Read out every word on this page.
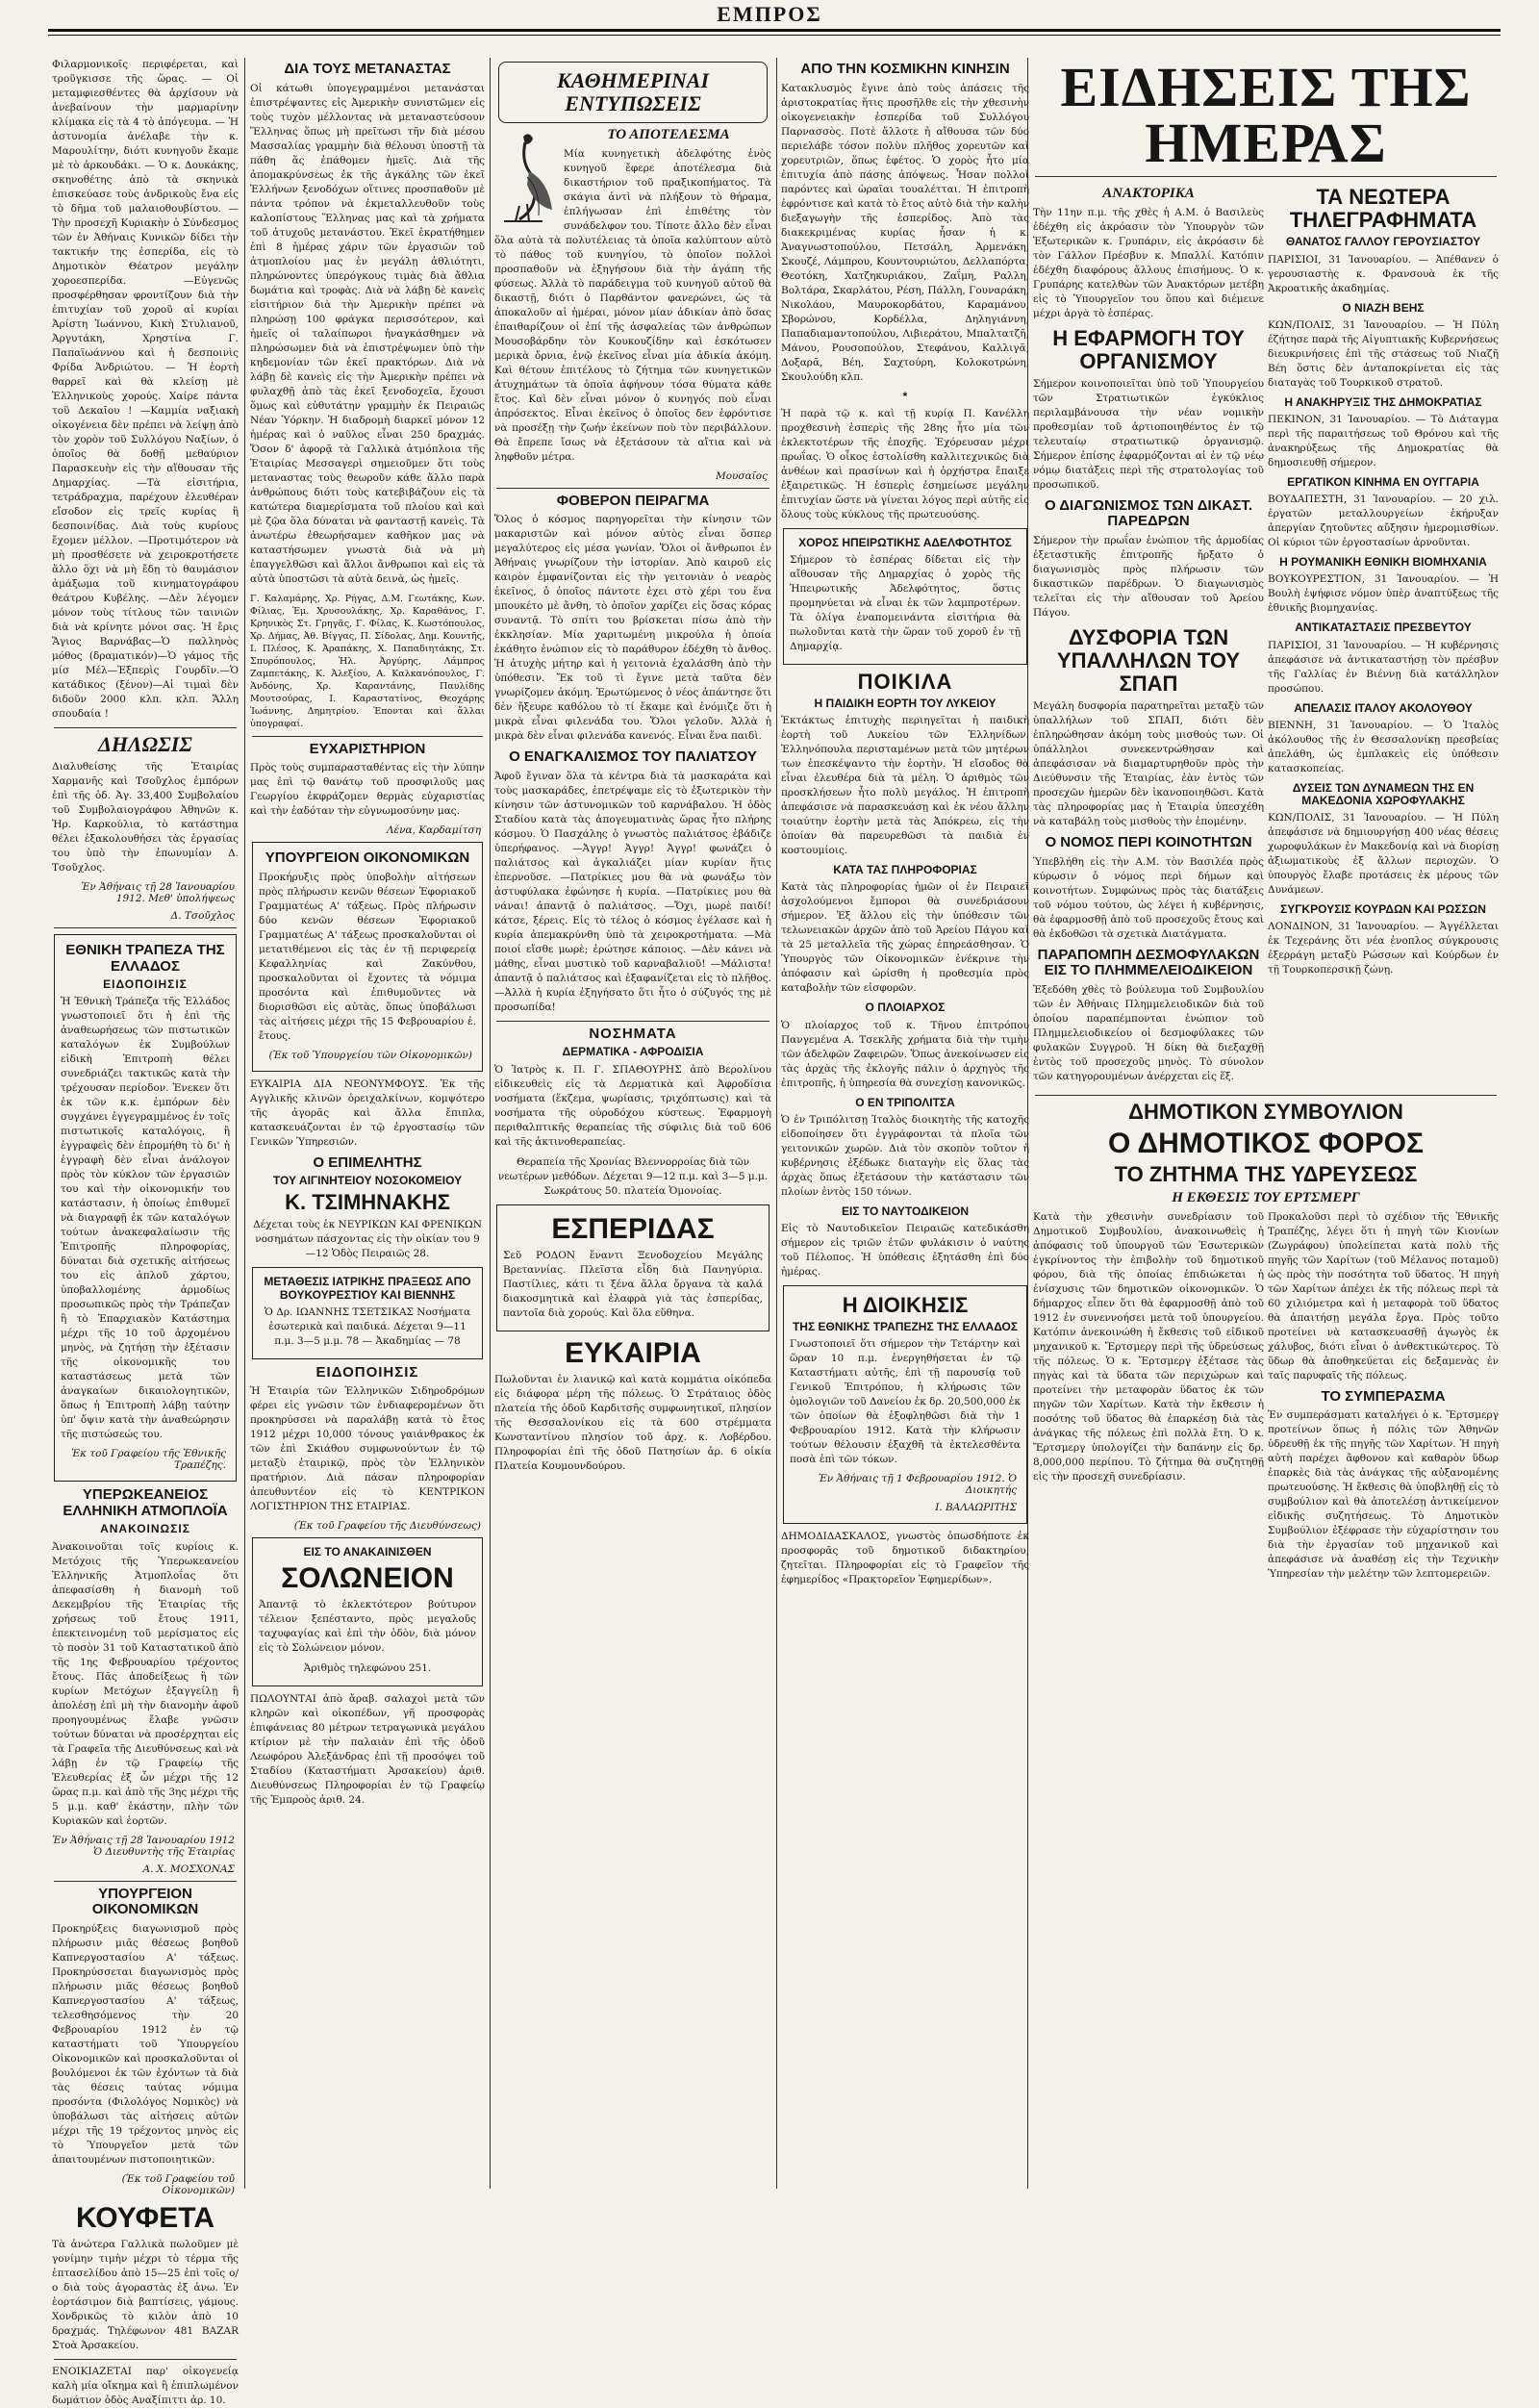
ΕΜΠΡΟΣ

Φιλαρμονικοῖς περιφέρεται, καὶ τροῦγκισσε τῆς ὥρας. — Οἱ μεταμφιεσθέντες θὰ ἀρχίσουν νὰ ἀνεβαίνουν τὴν μαρμαρίνην κλίμακα εἰς τὰ 4 τὸ ἀπόγευμα. — Ἡ ἀστυνομία ἀνέλαβε τὴν κ. Μαρουλίτην, διότι κυνηγοῦν ἔκαμε μὲ τὸ ἀρκουδάκι. — Ὁ κ. Δουκάκης, σκηνοθέτης ἀπὸ τὰ σκηνικὰ ἐπισκεύασε τοὺς ἀνδρικοὺς ἔνα εἰς τὸ δῆμα τοῦ μαλαιοθουβίστου. —Τὴν προσεχῆ Κυριακὴν ὁ Σύνδεσμος τῶν ἐν Ἀθήναις Κυνικῶν δίδει τὴν τακτικήν της ἐσπερίδα, εἰς τὸ Δημοτικὸν Θέατρον μεγάλην χοροεσπερίδα. —Εὐγενῶς προσφέρθησαν φροντίζουν διὰ τὴν ἐπιτυχίαν τοῦ χοροῦ αἱ κυρίαι Ἀρίστη Ἰωάννου, Κικὴ Στυλιανοῦ, Ἀργυτάκη, Χρηστίνα Γ. Παπαϊωάννου καὶ ἡ δεσποινὶς Φρίδα Ἀνδριώτου. — Ἡ ἑορτὴ θαρρεῖ καὶ θὰ κλείσῃ μὲ Ἑλληνικοὺς χορούς. Χαίρε πάντα τοῦ Δεκαῖου ! —Καμμία ναξιακὴ οἰκογένεια δὲν πρέπει νὰ λείψῃ ἀπὸ τὸν χορὸν τοῦ Συλλόγου Ναξίων, ὁ ὁποῖος θὰ δοθῇ μεθαύριον Παρασκευὴν εἰς τὴν αἴθουσαν τῆς Δημαρχίας. —Τὰ εἰσιτήρια, τετράδραχμα, παρέχουν ἐλευθέραν εἴσοδον εἰς τρεῖς κυρίας ἢ δεσποινίδας. Διὰ τοὺς κυρίους ἔχομεν μέλλον. —Προτιμότερον νὰ μὴ προσθέσετε νὰ χειροκροτήσετε ἄλλο ὅχι νὰ μὴ ἔδῃ τὸ θαυμάσιον ἀμάξωμα τοῦ κινηματογράφου θεάτρου Κυβέλης. —Δὲν λέγομεν μόνον τοὺς τίτλους τῶν ταινιῶν διὰ νὰ κρίνητε μόνοι σας. Ἡ ἔρις Ἅγιος Βαρνάβας—Ὁ παλληνὸς μόθος (δραματικόν)—Ὁ γάμος τῆς μίσ Μέλ—Ἐξπερὶς Γουρδῖν.—Ὁ κατάδικος (ξένον)—Αἱ τιμαὶ δὲν διδοῦν 2000 κλπ. κλπ. Ἄλλη σπουδαία !

ΔΗΛΩΣΙΣ

Διαλυθείσης τῆς Ἑταιρίας Χαρμανῆς καὶ Τσοῦχλος ἐμπόρων ἐπὶ τῆς ὁδ. Ἀγ. 33,400 Συμβολαίου τοῦ Συμβολαιογράφου Ἀθηνῶν κ. Ἠρ. Καρκούλια, τὸ κατάστημα θέλει ἐξακολουθήσει τὰς ἐργασίας του ὑπὸ τὴν ἐπωνυμίαν Δ. Τσοῦχλος.

Ἐν Ἀθήναις τῇ 28 Ἰανουαρίου 1912. Μεθ' ὑπολήψεως
Δ. Τσοῦχλος
ΕΘΝΙΚΗ ΤΡΑΠΕΖΑ ΤΗΣ ΕΛΛΑΔΟΣ
ΕΙΔΟΠΟΙΗΣΙΣ

Ἡ Ἐθνικὴ Τράπεζα τῆς Ἑλλάδος γνωστοποιεῖ ὅτι ἡ ἐπὶ τῆς ἀναθεωρήσεως τῶν πιστωτικῶν καταλόγων ἐκ Συμβούλων εἰδικὴ Ἐπιτροπὴ θέλει συνεδριάζει τακτικῶς κατὰ τὴν τρέχουσαν περίοδον. Ἐνεκεν ὅτι ἐκ τῶν κ.κ. ἐμπόρων δὲν συγχάνει ἐγγεγραμμένος ἐν τοῖς πιστωτικοῖς καταλόγοις, ἢ ἐγγραφεὶς δὲν ἐπρομήθη τὸ δι' ἡ ἐγγραφὴ δὲν εἶναι ἀνάλογον πρὸς τὸν κύκλον τῶν ἐργασιῶν του καὶ τὴν οἰκονομικήν του κατάστασιν, ἡ ὁποίως ἐπιθυμεῖ νὰ διαγραφῇ ἐκ τῶν καταλόγων τούτων ἀνακεφαλαίωσιν τῆς Ἐπιτροπῆς πληροφορίας, δύναται διὰ σχετικῆς αἰτήσεως του εἰς ἁπλοῦ χάρτου, ὑποβαλλομένης ἀρμοδίως προσωπικῶς πρὸς τὴν Τράπεζαν ἢ τὸ Ἐπαρχιακὸν Κατάστημα μέχρι τῆς 10 τοῦ ἀρχομένου μηνὸς, νὰ ζητήσῃ τὴν ἐξέτασιν τῆς οἰκονομικῆς του καταστάσεως μετὰ τῶν ἀναγκαίων δικαιολογητικῶν, ὅπως ἡ Ἐπιτροπὴ λάβῃ ταύτην ὑπ' ὄψιν κατὰ τὴν ἀναθεώρησιν τῆς πιστώσεώς του.

Ἐκ τοῦ Γραφείου τῆς Ἐθνικῆς Τραπέζης.
ΥΠΕΡΩΚΕΑΝΕΙΟΣ ΕΛΛΗΝΙΚΗ ΑΤΜΟΠΛΟΪΑ
ΑΝΑΚΟΙΝΩΣΙΣ

Ἀνακοινοῦται τοῖς κυρίοις κ. Μετόχοις τῆς Ὑπερωκεανείου Ἑλληνικῆς Ἀτμοπλοΐας ὅτι ἀπεφασίσθη ἡ διανομὴ τοῦ Δεκεμβρίου τῆς Ἑταιρίας τῆς χρήσεως τοῦ ἔτους 1911, ἐπεκτεινομένη τοῦ μερίσματος εἰς τὸ ποσὸν 31 τοῦ Καταστατικοῦ ἀπὸ τῆς 1ης Φεβρουαρίου τρέχοντος ἔτους. Πᾶς ἀποδείξεως ἢ τῶν κυρίων Μετόχων ἐξαγγείλῃ ἢ ἀπολέσῃ ἐπὶ μὴ τὴν διανομὴν ἀφοῦ προηγουμένως ἔλαβε γνῶσιν τούτων δύναται νὰ προσέρχηται εἰς τὰ Γραφεῖα τῆς Διευθύνσεως καὶ νὰ λάβῃ ἐν τῷ Γραφείῳ τῆς Ἐλευθερίας ἐξ ὧν μέχρι τῆς 12 ὥρας π.μ. καὶ ἀπὸ τῆς 3ης μέχρι τῆς 5 μ.μ. καθ' ἑκάστην, πλὴν τῶν Κυριακῶν καὶ ἑορτῶν.

Ἐν Ἀθήναις τῇ 28 Ἰανουαρίου 1912 Ὁ Διευθυντὴς τῆς Ἑταιρίας
Α. Χ. ΜΟΣΧΟΝΑΣ
ΥΠΟΥΡΓΕΙΟΝ ΟΙΚΟΝΟΜΙΚΩΝ

Προκηρύξεις διαγωνισμοῦ πρὸς πλήρωσιν μιᾶς θέσεως βοηθοῦ Καπνεργοστασίου Α' τάξεως. Προκηρύσσεται διαγωνισμὸς πρὸς πλήρωσιν μιᾶς θέσεως βοηθοῦ Καπνεργοστασίου Α' τάξεως, τελεσθησόμενος τὴν 20 Φεβρουαρίου 1912 ἐν τῷ καταστήματι τοῦ Ὑπουργείου Οἰκονομικῶν καὶ προσκαλοῦνται οἱ βουλόμενοι ἐκ τῶν ἐχόντων τὰ διὰ τὰς θέσεις ταύτας νόμιμα προσόντα (Φιλολόγος Νομικὸς) νὰ ὑποβάλωσι τὰς αἰτήσεις αὐτῶν μέχρι τῆς 19 τρέχοντος μηνὸς εἰς τὸ Ὑπουργεῖον μετὰ τῶν ἀπαιτουμένων πιστοποιητικῶν.

(Ἐκ τοῦ Γραφείου τοῦ Οἰκονομικῶν)
ΚΟΥΦΕΤΑ

Τὰ ἀνώτερα Γαλλικὰ πωλοῦμεν μὲ γονίμην τιμὴν μέχρι τὸ τέρμα τῆς ἑπτασελίδου ἀπὸ 15—25 ἐπὶ τοῖς ο/ο διὰ τοὺς ἀγοραστὰς ἐξ ἀνω. Ἐν ἑορτάσιμον διὰ βαπτίσεις, γάμους. Χονδρικῶς τὸ κιλὸν ἀπὸ 10 δραχμάς. Τηλέφωνον 481 BAZAR Στοὰ Ἀρσακείου.

ΕΝΟΙΚΙΑΖΕΤΑΙ παρ' οἰκογενείᾳ καλὴ μία οἴκημα καὶ ἢ ἐπιπλωμένον δωμάτιον ὁδὸς Αναξίπιττι ἀρ. 10.

ΔΙΑ ΤΟΥΣ ΜΕΤΑΝΑΣΤΑΣ

Οἱ κάτωθι ὑπογεγραμμένοι μετανάσται ἐπιστρέψαντες εἰς Ἀμερικὴν συνιστῶμεν εἰς τοὺς τυχὸν μέλλοντας νὰ μεταναστεύσουν Ἕλληνας ὅπως μὴ πρεῖτωσι τῆν διὰ μέσου Μασσαλίας γραμμὴν διὰ θέλουσι ὑποστῇ τὰ πάθη ἅς ἐπάθομεν ἡμεῖς. Διὰ τῆς ἀπομακρύνσεως ἐκ τῆς ἀγκάλης τῶν ἐκεῖ Ἑλλήνων ξενοδόχων οἵτινες προσπαθοῦν μὲ πάντα τρόπον νὰ ἐκμεταλλευθοῦν τοὺς καλοπίστους Ἕλληνας μας καὶ τὰ χρήματα τοῦ ἀτυχοῦς μετανάστου. Ἐκεῖ ἐκρατήθημεν ἐπὶ 8 ἡμέρας χάριν τῶν ἐργασιῶν τοῦ ἀτμοπλοίου μας ἐν μεγάλῃ ἀθλιότητι, πληρώνοντες ὑπερόγκους τιμὰς διὰ ἄθλια δωμάτια καὶ τροφὰς. Διὰ νὰ λάβῃ δὲ κανεὶς εἰσιτήριον διὰ τὴν Ἀμερικὴν πρέπει νὰ πληρώσῃ 100 φράγκα περισσότερον, καὶ ἡμεῖς οἱ ταλαίπωροι ἠναγκάσθημεν νὰ πληρώσωμεν διὰ νὰ ἐπιστρέψωμεν ὑπὸ τὴν κηδεμονίαν τῶν ἐκεῖ πρακτόρων. Διὰ νὰ λάβῃ δὲ κανεὶς εἰς τὴν Ἀμερικὴν πρέπει νὰ φυλαχθῇ ἀπὸ τὰς ἐκεῖ ξενοδοχεῖα, ἔχουσι ὅμως καὶ εὐθυτάτην γραμμὴν ἐκ Πειραιῶς Νέαν Ὑόρκην. Ἡ διαδρομὴ διαρκεῖ μόνον 12 ἡμέρας καὶ ὁ ναῦλος εἶναι 250 δραχμάς. Ὅσον δ' ἀφορᾷ τὰ Γαλλικὰ ἀτμόπλοια τῆς Ἑταιρίας Μεσσαγερὶ σημειοῦμεν ὅτι τοὺς μεταναστας τοὺς θεωροῦν κάθε ἄλλο παρὰ ἀνθρώπους διότι τοὺς κατεβιβάζουν εἰς τὰ κατώτερα διαμερίσματα τοῦ πλοίου καὶ καὶ μὲ ζῷα ὅλα δύναται νὰ φανταστῇ κανεὶς. Τὰ ἀνωτέρω ἐθεωρήσαμεν καθῆκον μας νὰ καταστήσωμεν γνωστὰ διὰ νὰ μὴ ἐπαγγελθῶσι καὶ ἄλλοι ἄνθρωποι καὶ εἰς τὰ αὐτὰ ὑποστῶσι τὰ αὐτὰ δεινὰ, ὡς ἡμεῖς.

Γ. Καλαμάρης, Χρ. Ρήγας, Δ.Μ. Γεωτάκης, Κων. Φίλιας, Ἐμ. Χρυσουλάκης, Χρ. Καραθάνος, Γ. Κρηνικὸς Στ. Γρηγᾶς, Γ. Φίλας, Κ. Κωστόπουλος, Χρ. Δήμας, Ἀθ. Βίγγας, Π. Σίδολας, Δημ. Κουντῆς, Ι. Πλέσος, Κ. Ἀραπάκης, Χ. Παπαδιητάκης, Στ. Σπυρόπουλος, Ἠλ. Ἀργύρης, Λάμπρος Ζαμπετάκης, Κ. Ἀλεξίου, Α. Καλκανόπουλος, Γ. Ἀνδόνης, Χρ. Καραντάνης, Παυλίδης Μουτσούρας, Ι. Καραστατίνος, Θεοχάρης Ἰωάννης, Δημητρίου. Ἐπονται καὶ ἄλλαι ὑπογραφαί.

ΕΥΧΑΡΙΣΤΗΡΙΟΝ

Πρὸς τοὺς συμπαρασταθέντας εἰς τὴν λύπην μας ἐπὶ τῷ θανάτῳ τοῦ προσφιλοῦς μας Γεωργίου ἐκφράζομεν θερμὰς εὐχαριστίας καὶ τὴν ἐαδόταν τὴν εὐγνωμοσύνην μας.

Λένα, Καρδαμίτση
ΥΠΟΥΡΓΕΙΟΝ ΟΙΚΟΝΟΜΙΚΩΝ

Προκήρυξις πρὸς ὑποβολὴν αἰτήσεων πρὸς πλήρωσιν κενῶν θέσεων Ἐφοριακοῦ Γραμματέως Α' τάξεως. Πρὸς πλήρωσιν δύο κενῶν θέσεων Ἐφοριακοῦ Γραμματέως Α' τάξεως προσκαλοῦνται οἱ μετατιθέμενοι εἰς τὰς ἐν τῇ περιφερείᾳ Κεφαλληνίας καὶ Ζακύνθου, προσκαλοῦνται οἱ ἔχοντες τὰ νόμιμα προσόντα καὶ ἐπιθυμοῦντες νὰ διορισθῶσι εἰς αὐτὰς, ὅπως ὑποβάλωσι τὰς αἰτήσεις μέχρι τῆς 15 Φεβρουαρίου ἐ. ἔτους.

(Ἐκ τοῦ Ὑπουργείου τῶν Οἰκονομικῶν)

ΕΥΚΑΙΡΙΑ ΔΙΑ ΝΕΟΝΥΜΦΟΥΣ. Ἐκ τῆς Αγγλικῆς κλινῶν ὁρειχαλκίνων, κομψότερο τῆς ἀγορᾶς καὶ ἄλλα ἔπιπλα, κατασκευάζονται ἐν τῷ ἐργοστασίῳ τῶν Γενικῶν Ὑπηρεσιῶν.

Ο ΕΠΙΜΕΛΗΤΗΣ
ΤΟΥ ΑΙΓΙΝΗΤΕΙΟΥ ΝΟΣΟΚΟΜΕΙΟΥ
Κ. ΤΣΙΜΗΝΑΚΗΣ

Δέχεται τοὺς ἐκ ΝΕΥΡΙΚΩΝ ΚΑΙ ΦΡΕΝΙΚΩΝ νοσημάτων πάσχοντας εἰς τὴν οἰκίαν του 9—12 Ὁδὸς Πειραιῶς 28.

ΜΕΤΑΘΕΣΙΣ ΙΑΤΡΙΚΗΣ ΠΡΑΞΕΩΣ ΑΠΟ ΒΟΥΚΟΥΡΕΣΤΙΟΥ ΚΑΙ ΒΙΕΝΝΗΣ

Ὁ Δρ. ΙΩΑΝΝΗΣ ΤΣΕΤΣΙΚΑΣ Νοσήματα ἐσωτερικὰ καὶ παιδικά. Δέχεται 9—11 π.μ. 3—5 μ.μ. 78 — Ἀκαδημίας — 78

ΕΙΔΟΠΟΙΗΣΙΣ

Ἡ Ἑταιρία τῶν Ἑλληνικῶν Σιδηροδρόμων φέρει εἰς γνῶσιν τῶν ἐνδιαφερομένων ὅτι προκηρύσσει νὰ παραλάβῃ κατὰ τὸ ἔτος 1912 μέχρι 10,000 τόνους γαιάνθρακος ἐκ τῶν ἐπὶ Σκιάθου συμφωνούντων ἐν τῷ μεταξὺ ἐταιρικῷ, πρὸς τὸν Ἑλληνικὸν πρατήριον. Διὰ πάσαν πληροφορίαν ἀπευθυντέον εἰς τὸ ΚΕΝΤΡΙΚΟΝ ΛΟΓΙΣΤΗΡΙΟΝ ΤΗΣ ΕΤΑΙΡΙΑΣ.

(Ἐκ τοῦ Γραφείου τῆς Διευθύνσεως)
ΕΙΣ ΤΟ ΑΝΑΚΑΙΝΙΣΘΕΝ
ΣΟΛΩΝΕΙΟΝ

Ἀπαντᾷ τὸ ἐκλεκτότερον βούτυρον τέλειον ξεπέσταντο, πρὸς μεγαλοῦς ταχυφαγίας καὶ ἐπὶ τὴν ὁδὸν, διὰ μόνον εἰς τὸ Σολώνειον μόνον.

Ἀριθμὸς τηλεφώνου 251.

ΠΩΛΟΥΝΤΑΙ ἀπὸ ἄραβ. σαλαχοὶ μετὰ τῶν κληρῶν καὶ οἰκοπέδων, γῆ προσφορὰς ἐπιφάνειας 80 μέτρων τετραγωνικὰ μεγάλου κτίριον μὲ τὴν παλαιὰν ἐπὶ τῆς ὁδοῦ Λεωφόρου Ἀλεξάνδρας ἐπὶ τῇ προσόψει τοῦ Σταδίου (Καταστήματι Ἀρσακείου) ἀριθ. Διευθύνσεως Πληροφορίαι ἐν τῷ Γραφείῳ τῆς Ἐμπροὸς ἀριθ. 24.

ΚΑΘΗΜΕΡΙΝΑΙ ΕΝΤΥΠΩΣΕΙΣ
ΤΟ ΑΠΟΤΕΛΕΣΜΑ

Μία κυνηγετικὴ ἀδελφότης ἑνὸς κυνηγοῦ ἔφερε ἀποτέλεσμα διὰ δικαστήριον τοῦ πραξικοπήματος. Τὰ σκάγια ἀντὶ νὰ πλήξουν τὸ θήραμα, ἐπλήγωσαν ἐπὶ ἐπιθέτης τὸν συνάδελφον του. Τίποτε ἄλλο δὲν εἶναι ὅλα αὐτὰ τὰ πολυτέλειας τὰ ὁποῖα καλύπτουν αὐτὸ τὸ πάθος τοῦ κυνηγίου, τὸ ὁποῖον πολλοὶ προσπαθοῦν νὰ ἐξηγήσουν διὰ τὴν ἀγάπη τῆς φύσεως. Ἀλλὰ τὸ παράδειγμα τοῦ κυνηγοῦ αὐτοῦ θὰ δικαστῇ, διότι ὁ Παρθάντον φανερώνει, ὡς τὰ ἀποκαλοῦν αἱ ἡμέραι, μόνον μίαν ἀδικίαν ἀπὸ ὅσας ἐπαιθαρίζουν οἱ ἐπί τῆς ἀσφαλείας τῶν ἀνθρώπων Μουσοβάρδην τὸν Κουκουζίδην καὶ ἐσκότωσεν μερικὰ ὄρνια, ἐνῷ ἐκεῖνος εἶναι μία ἀδικία ἀκόμη. Καὶ θέτουν ἐπιτέλους τὸ ζήτημα τῶν κυνηγετικῶν ἀτυχημάτων τὰ ὁποῖα ἀφήνουν τόσα θύματα κάθε ἔτος. Καὶ δὲν εἶναι μόνον ὁ κυνηγός ποὺ εἶναι ἀπρόσεκτος. Εἶναι ἐκεῖνος ὁ ὁποῖος δεν ἐφρόντισε νὰ προσέξῃ τὴν ζωήν ἐκείνων ποὺ τὸν περιβάλλουν. Θὰ ἔπρεπε ἴσως νὰ ἐξετάσουν τὰ αἴτια καὶ νὰ ληφθοῦν μέτρα.

Μουσαῖος
ΦΟΒΕΡΟΝ ΠΕΙΡΑΓΜΑ

Ὅλος ὁ κόσμος παρηγορεῖται τὴν κίνησιν τῶν μακαριστῶν καὶ μόνον αὐτὸς εἶναι ὅσπερ μεγαλύτερος εἰς μέσα γωνίαν. Ὅλοι οἱ ἄνθρωποι ἐν Ἀθήναις γνωρίζουν τὴν ἱστορίαν. Ἀπὸ καιροῦ εἰς καιρὸν ἐμφανίζονται εἰς τὴν γειτονιὰν ὁ νεαρὸς ἐκεῖνος, ὁ ὁποῖος πάντοτε ἐχει στὸ χέρι του ἕνα μπουκέτο μὲ ἄνθη, τὸ ὁποῖον χαρίζει εἰς ὅσας κόρας συναντᾷ. Τὸ σπίτι του βρίσκεται πίσω ἀπὸ τὴν ἐκκλησίαν. Μία χαριτωμένη μικρούλα ἡ ὁποία ἐκάθητο ἐνώπιον εἰς τὸ παράθυρον ἐδέχθη τὸ ἄνθος. Ἡ ἀτυχὴς μήτηρ καὶ ἡ γειτονιὰ ἐχαλάσθη ἀπὸ τὴν ὑπόθεσιν. Ἔκ τοῦ τὶ ἔγινε μετὰ ταῦτα δὲν γνωρίζομεν ἀκόμη. Ἐρωτώμενος ὁ νέος ἀπάντησε ὅτι δὲν ἤξευρε καθόλου τὸ τί ἔκαμε καὶ ἐνόμιζε ὅτι ἡ μικρὰ εἶναι φιλενάδα του. Ὅλοι γελοῦν. Ἀλλὰ ἡ μικρὰ δὲν εἶναι φιλενάδα κανενός. Εἶναι ἕνα παιδὶ.

Ο ΕΝΑΓΚΑΛΙΣΜΟΣ ΤΟΥ ΠΑΛΙΑΤΣΟΥ

Ἀφοῦ ἔγιναν ὅλα τὰ κέντρα διὰ τὰ μασκαράτα καὶ τοὺς μασκαράδες, ἐπετρέψαμε εἰς τὸ ἐξωτερικὸν τὴν κίνησιν τῶν ἀστυνομικῶν τοῦ καρνάβαλου. Ἡ ὁδὸς Σταδίου κατὰ τὰς ἀπογευματινὰς ὥρας ἦτο πλήρης κόσμου. Ὁ Πασχάλης ὁ γνωστὸς παλιάτσος ἐβάδιζε ὑπερήφανος. —Ἀγγρ! Ἀγγρ! Ἀγγρ! φωνάζει ὁ παλιάτσος καὶ ἀγκαλιάζει μίαν κυρίαν ἥτις ἐπερνοῦσε. —Πατρίκιες μου θὰ νὰ φωνάξω τὸν ἀστυφύλακα ἐφώνησε ἡ κυρία. —Πατρίκιες μου θὰ νάναι! ἀπαντᾷ ὁ παλιάτσος. —Ὄχι, μωρὲ παιδί! κάτσε, ξέρεις. Εἰς τὸ τέλος ὁ κόσμος ἐγέλασε καὶ ἡ κυρία ἀπεμακρύνθη ὑπὸ τὰ χειροκροτήματα. —Μὰ ποιοί εἴσθε μωρὲ; ἐρώτησε κάποιος. —Δὲν κάνει νὰ μάθης, εἶναι μυστικὸ τοῦ καρναβαλιοῦ! —Μάλιστα! ἀπαντᾷ ὁ παλιάτσος καὶ ἐξαφανίζεται εἰς τὸ πλῆθος. —Ἀλλὰ ἡ κυρία ἐξηγήσατο ὅτι ἦτο ὁ σύζυγός της μὲ προσωπίδα!

ΝΟΣΗΜΑΤΑ
ΔΕΡΜΑΤΙΚΑ - ΑΦΡΟΔΙΣΙΑ

Ὁ Ἰατρὸς κ. Π. Γ. ΣΠΑΘΟΥΡΗΣ ἀπὸ Βερολίνου εἰδικευθεὶς εἰς τὰ Δερματικὰ καὶ Ἀφροδίσια νοσήματα (ἕκζεμα, ψωρίασις, τριχόπτωσις) καὶ τὰ νοσήματα τῆς οὐροδόχου κύστεως. Ἐφαρμογὴ περιθαλπτικῆς θεραπείας τῆς σύφιλις διὰ τοῦ 606 καὶ τῆς ἀκτινοθεραπείας.

Θεραπεία τῆς Χρονίας Βλεννορροίας διὰ τῶν νεωτέρων μεθόδων. Δέχεται 9—12 π.μ. καὶ 3—5 μ.μ. Σωκράτους 50. πλατεία Ὁμονοίας.

ΕΣΠΕΡΙΔΑΣ

Σεῦ ΡΟΔΟΝ ἔναντι Ξενοδοχείου Μεγάλης Βρεταννίας. Πλεῖστα εἶδη διὰ Πανηγύρια. Παστίλιες, κάτι τι ξένα ἄλλα ὄργανα τὰ καλά διακοσμητικὰ καὶ ἐλαφρὰ γιὰ τὰς ἐσπερίδας, παντοῖα διὰ χορούς. Καὶ ὅλα εὔθηνα.

ΕΥΚΑΙΡΙΑ

Πωλοῦνται ἐν λιανικῷ καὶ κατὰ κομμάτια οἰκόπεδα εἰς διάφορα μέρη τῆς πόλεως. Ὁ Στράταιος ὁδὸς πλατεία τῆς ὁδοῦ Καρδιτσῆς συμφωνητικοῖ, πλησίον τῆς Θεσσαλονίκου εἰς τὰ 600 στρέμματα Κωνσταντίνου πλησίον τοῦ ἀρχ. κ. Λοβέρδου. Πληροφορίαι ἐπὶ τῆς ὁδοῦ Πατησίων ἀρ. 6 οἰκία Πλατεία Κουμουνδούρου.

ΑΠΟ ΤΗΝ ΚΟΣΜΙΚΗΝ ΚΙΝΗΣΙΝ

Κατακλυσμὸς ἔγινε ἀπὸ τοὺς ἀπάσεις τῆς ἀριστοκρατίας ἥτις προσῆλθε εἰς τὴν χθεσινὴν οἰκογενειακὴν ἑσπερίδα τοῦ Συλλόγου Παρνασσὸς. Ποτὲ ἄλλοτε ἡ αἴθουσα τῶν δύο περιελάβε τόσον πολὺν πλῆθος χορευτῶν καὶ χορευτριῶν, ὅπως ἐφέτος. Ὁ χορὸς ἦτο μία ἐπιτυχία ἀπὸ πάσης ἀπόψεως. Ἦσαν πολλοὶ παρόντες καὶ ὡραῖαι τουαλέτται. Ἡ ἐπιτροπὴ ἐφρόντισε καὶ κατὰ τὸ ἔτος αὐτὸ διὰ τὴν καλὴν διεξαγωγὴν τῆς ἑσπερίδος. Ἀπὸ τὰς διακεκριμένας κυρίας ἦσαν ἡ κ. Ἀναγνωστοπούλου, Πετσάλη, Ἀρμενάκη, Σκουζέ, Λάμπρου, Κουντουριώτου, Δελλαπόρτα, Θεοτόκη, Χατζηκυριάκου, Ζαΐμη, Ραλλη, Βολτάρα, Σκαρλάτου, Ρέση, Πάλλη, Γουναράκη, Νικολάου, Μαυροκορδάτου, Καραμάνου, Σβορώνου, Κορδέλλα, Δηληγιάννη, Παπαδιαμαντοπούλου, Λιβιεράτου, Μπαλτατζῆ, Μάνου, Ρουσοπούλου, Στεφάνου, Καλλιγᾶ, Δοξαρᾶ, Βέη, Σαχτούρη, Κολοκοτρώνη, Σκουλούδη κλπ.

*

Ἡ παρὰ τῷ κ. καὶ τῇ κυρίᾳ Π. Κανέλλη προχθεσινὴ ἑσπερὶς τῆς 28ης ἦτο μία τῶν ἐκλεκτοτέρων τῆς ἐποχῆς. Ἐχόρευσαν μέχρι πρωΐας. Ὁ οἶκος ἐστολίσθη καλλιτεχνικῶς διὰ ἀνθέων καὶ πρασίνων καὶ ἡ ὀρχήστρα ἔπαιξε ἐξαιρετικῶς. Ἡ ἑσπερὶς ἐσημείωσε μεγάλην ἐπιτυχίαν ὥστε νὰ γίνεται λόγος περὶ αὐτῆς εἰς ὅλους τοὺς κύκλους τῆς πρωτευούσης.

ΧΟΡΟΣ ΗΠΕΙΡΩΤΙΚΗΣ ΑΔΕΛΦΟΤΗΤΟΣ

Σήμερον τὸ ἑσπέρας δίδεται εἰς τὴν αἴθουσαν τῆς Δημαρχίας ὁ χορὸς τῆς Ἠπειρωτικῆς Ἀδελφότητος, ὅστις προμηνύεται νὰ εἶναι ἐκ τῶν λαμπροτέρων. Τὰ ὀλίγα ἐναπομεινάντα εἰσιτήρια θὰ πωλοῦνται κατὰ τὴν ὥραν τοῦ χοροῦ ἐν τῇ Δημαρχίᾳ.

ΠΟΙΚΙΛΑ
Η ΠΑΙΔΙΚΗ ΕΟΡΤΗ ΤΟΥ ΛΥΚΕΙΟΥ

Ἐκτάκτως ἐπιτυχὴς περιηγεῖται ἡ παιδικὴ ἑορτὴ τοῦ Λυκείου τῶν Ἑλληνίδων. Ἑλληνόπουλα περισταμένων μετὰ τῶν μητέρων των ἐπεσκέψαντο τὴν ἑορτὴν. Ἡ εἴσοδος θὰ εἶναι ἐλευθέρα διὰ τὰ μέλη. Ὁ ἀριθμὸς τῶν προσκλήσεων ἦτο πολὺ μεγάλος. Ἡ ἐπιτροπὴ ἀπεφάσισε νὰ παρασκευάσῃ καὶ ἐκ νέου ἄλλην τοιαύτην ἑορτὴν μετὰ τὰς Ἀπόκρεω, εἰς τὴν ὁποίαν θὰ παρευρεθῶσι τὰ παιδιὰ ἐν κοστουμίοις.

ΚΑΤΑ ΤΑΣ ΠΛΗΡΟΦΟΡΙΑΣ

Κατὰ τὰς πληροφορίας ἡμῶν οἱ ἐν Πειραιεῖ ἀσχολούμενοι ἔμποροι θὰ συνεδριάσουν σήμερον. Ἐξ ἄλλου εἰς τὴν ὑπόθεσιν τῶν τελωνειακῶν ἀρχῶν ἀπὸ τοῦ Ἀρείου Πάγου καὶ τὰ 25 μεταλλεῖα τῆς χώρας ἐπηρεάσθησαν. Ὁ Ὑπουργὸς τῶν Οἰκονομικῶν ἐνέκρινε τὴν ἀπόφασιν καὶ ὠρίσθη ἡ προθεσμία πρὸς καταβολὴν τῶν εἰσφορῶν.

Ο ΠΛΟΙΑΡΧΟΣ

Ὁ πλοίαρχος τοῦ κ. Τῆνου ἐπιτρόπου Πανγεμένα Α. Τσεκλῆς χρήματα διὰ τὴν τιμὴν τῶν ἀδελφῶν Ζαφειρῶν. Ὅπως ἀνεκοίνωσεν εἰς τὰς ἀρχὰς τῆς ἐκλογῆς πάλιν ὁ ἀρχηγὸς τῆς ἐπιτροπῆς, ἡ ὑπηρεσία θὰ συνεχίσῃ κανονικῶς.

Ο ΕΝ ΤΡΙΠΟΛΙΤΣΑ

Ὁ ἐν Τριπόλιτσῃ Ἰταλὸς διοικητὴς τῆς κατοχῆς εἰδοποίησεν ὅτι ἐγγράφονται τὰ πλοῖα τῶν γειτονικῶν χωρῶν. Διὰ τὸν σκοπὸν τοῦτον ἡ κυβέρνησις ἐξέδωκε διαταγὴν εἰς ὅλας τὰς ἀρχὰς ὅπως ἐξετάσουν τὴν κατάστασιν τῶν πλοίων ἐντὸς 150 τόνων.

ΕΙΣ ΤΟ ΝΑΥΤΟΔΙΚΕΙΟΝ

Εἰς τὸ Ναυτοδικεῖον Πειραιῶς κατεδικάσθη σήμερον εἰς τριῶν ἐτῶν φυλάκισιν ὁ ναύτης τοῦ Πέλοπος. Ἡ ὑπόθεσις ἐξητάσθη ἐπὶ δύο ἡμέρας.

Η ΔΙΟΙΚΗΣΙΣ
ΤΗΣ ΕΘΝΙΚΗΣ ΤΡΑΠΕΖΗΣ ΤΗΣ ΕΛΛΑΔΟΣ

Γνωστοποιεῖ ὅτι σήμερον τὴν Τετάρτην καὶ ὥραν 10 π.μ. ἐνεργηθήσεται ἐν τῷ Καταστήματι αὐτῆς, ἐπὶ τῇ παρουσίᾳ τοῦ Γενικοῦ Ἐπιτρόπου, ἡ κλήρωσις τῶν ὁμολογιῶν τοῦ Δανείου ἐκ δρ. 20,500,000 ἐκ τῶν ὁποίων θὰ ἐξοφληθῶσι διὰ τὴν 1 Φεβρουαρίου 1912. Κατὰ τὴν κλήρωσιν τούτων θέλουσιν ἐξαχθῆ τὰ ἐκτελεσθέντα ποσὰ ἐπὶ τῶν τόκων.

Ἐν Ἀθήναις τῇ 1 Φεβρουαρίου 1912. Ὁ Διοικητής
Ι. ΒΑΛΑΩΡΙΤΗΣ

ΔΗΜΟΔΙΔΑΣΚΑΛΟΣ, γνωστὸς ὁπωσδήποτε ἐκ προσφορᾶς τοῦ δημοτικοῦ διδακτηρίου, ζητεῖται. Πληροφορίαι εἰς τὸ Γραφεῖον τῆς ἐφημερίδος «Πρακτορεῖον Ἐφημερίδων».

ΕΙΔΗΣΕΙΣ ΤΗΣ ΗΜΕΡΑΣ
ΑΝΑΚΤΟΡΙΚΑ

Τὴν 11ην π.μ. τῆς χθὲς ἡ Α.Μ. ὁ Βασιλεὺς ἐδέχθη εἰς ἀκρόασιν τὸν Ὑπουργὸν τῶν Ἐξωτερικῶν κ. Γρυπάριν, εἰς ἀκρόασιν δὲ τὸν Γάλλον Πρέσβυν κ. Μπαλλί. Κατόπιν ἐδέχθη διαφόρους ἄλλους ἐπισήμους. Ὁ κ. Γρυπάρης κατελθὼν τῶν Ἀνακτόρων μετέβη εἰς τὸ Ὑπουργεῖον του ὅπου καὶ διέμεινε μέχρι ἀργὰ τὸ ἑσπέρας.

Η ΕΦΑΡΜΟΓΗ ΤΟΥ ΟΡΓΑΝΙΣΜΟΥ

Σήμερον κοινοποιεῖται ὑπὸ τοῦ Ὑπουργείου τῶν Στρατιωτικῶν ἐγκύκλιος περιλαμβάνουσα τὴν νέαν νομικὴν προθεσμίαν τοῦ ἀρτιοποιηθέντος ἐν τῷ τελευταίῳ στρατιωτικῷ ὀργανισμῷ. Σήμερον ἐπίσης ἐφαρμόζονται αἱ ἐν τῷ νέῳ νόμῳ διατάξεις περὶ τῆς στρατολογίας τοῦ προσωπικοῦ.

Ο ΔΙΑΓΩΝΙΣΜΟΣ ΤΩΝ ΔΙΚΑΣΤ. ΠΑΡΕΔΡΩΝ

Σήμερον τὴν πρωΐαν ἐνώπιον τῆς ἀρμοδίας ἐξεταστικῆς ἐπιτροπῆς ἤρξατο ὁ διαγωνισμὸς πρὸς πλήρωσιν τῶν δικαστικῶν παρέδρων. Ὁ διαγωνισμὸς τελεῖται εἰς τὴν αἴθουσαν τοῦ Ἀρείου Πάγου.

ΔΥΣΦΟΡΙΑ ΤΩΝ ΥΠΑΛΛΗΛΩΝ ΤΟΥ ΣΠΑΠ

Μεγάλη δυσφορία παρατηρεῖται μεταξὺ τῶν ὑπαλλήλων τοῦ ΣΠΑΠ, διότι δὲν ἐπληρώθησαν ἀκόμη τοὺς μισθούς των. Οἱ ὑπάλληλοι συνεκεντρώθησαν καὶ ἀπεφάσισαν νὰ διαμαρτυρηθοῦν πρὸς τὴν Διεύθυνσιν τῆς Ἑταιρίας, ἐὰν ἐντὸς τῶν προσεχῶν ἡμερῶν δὲν ἱκανοποιηθῶσι. Κατὰ τὰς πληροφορίας μας ἡ Ἑταιρία ὑπεσχέθη νὰ καταβάλῃ τοὺς μισθοὺς τὴν ἑπομένην.

Ο ΝΟΜΟΣ ΠΕΡΙ ΚΟΙΝΟΤΗΤΩΝ

Ὑπεβλήθη εἰς τὴν Α.Μ. τὸν Βασιλέα πρὸς κύρωσιν ὁ νόμος περὶ δήμων καὶ κοινοτήτων. Συμφώνως πρὸς τὰς διατάξεις τοῦ νόμου τούτου, ὡς λέγει ἡ κυβέρνησις, θὰ ἐφαρμοσθῇ ἀπὸ τοῦ προσεχοῦς ἔτους καὶ θὰ ἐκδοθῶσι τὰ σχετικὰ Διατάγματα.

ΠΑΡΑΠΟΜΠΗ ΔΕΣΜΟΦΥΛΑΚΩΝ ΕΙΣ ΤΟ ΠΛΗΜΜΕΛΕΙΟΔΙΚΕΙΟΝ

Ἐξεδόθη χθὲς τὸ βούλευμα τοῦ Συμβουλίου τῶν ἐν Ἀθήναις Πλημμελειοδικῶν διὰ τοῦ ὁποίου παραπέμπονται ἐνώπιον τοῦ Πλημμελειοδικείου οἱ δεσμοφύλακες τῶν φυλακῶν Συγγροῦ. Ἡ δίκη θὰ διεξαχθῇ ἐντὸς τοῦ προσεχοῦς μηνὸς. Τὸ σύνολον τῶν κατηγορουμένων ἀνέρχεται εἰς ἕξ.

ΤΑ ΝΕΩΤΕΡΑ ΤΗΛΕΓΡΑΦΗΜΑΤΑ
ΘΑΝΑΤΟΣ ΓΑΛΛΟΥ ΓΕΡΟΥΣΙΑΣΤΟΥ

ΠΑΡΙΣΙΟΙ, 31 Ἰανουαρίου. — Ἀπέθανεν ὁ γερουσιαστὴς κ. Φρανσουὰ ἐκ τῆς Ἀκροατικῆς ἀκαδημίας.

Ο ΝΙΑΖΗ ΒΕΗΣ

ΚΩΝ/ΠΟΛΙΣ, 31 Ἰανουαρίου. — Ἡ Πύλη ἐζήτησε παρὰ τῆς Αἰγυπτιακῆς Κυβερνήσεως διευκρινήσεις ἐπὶ τῆς στάσεως τοῦ Νιαζῆ Βέη ὅστις δὲν ἀνταποκρίνεται εἰς τὰς διαταγὰς τοῦ Τουρκικοῦ στρατοῦ.

Η ΑΝΑΚΗΡΥΞΙΣ ΤΗΣ ΔΗΜΟΚΡΑΤΙΑΣ

ΠΕΚΙΝΟΝ, 31 Ἰανουαρίου. — Τὸ Διάταγμα περὶ τῆς παραιτήσεως τοῦ Θρόνου καὶ τῆς ἀνακηρύξεως τῆς Δημοκρατίας θὰ δημοσιευθῇ σήμερον.

ΕΡΓΑΤΙΚΟΝ ΚΙΝΗΜΑ ΕΝ ΟΥΓΓΑΡΙΑ

ΒΟΥΔΑΠΕΣΤΗ, 31 Ἰανουαρίου. — 20 χιλ. ἐργατῶν μεταλλουργείων ἐκήρυξαν ἀπεργίαν ζητοῦντες αὔξησιν ἡμερομισθίων. Οἱ κύριοι τῶν ἐργοστασίων ἀρνοῦνται.

Η ΡΟΥΜΑΝΙΚΗ ΕΘΝΙΚΗ ΒΙΟΜΗΧΑΝΙΑ

ΒΟΥΚΟΥΡΕΣΤΙΟΝ, 31 Ἰανουαρίου. — Ἡ Βουλὴ ἐψήφισε νόμον ὑπὲρ ἀναπτύξεως τῆς ἐθνικῆς βιομηχανίας.

ΑΝΤΙΚΑΤΑΣΤΑΣΙΣ ΠΡΕΣΒΕΥΤΟΥ

ΠΑΡΙΣΙΟΙ, 31 Ἰανουαρίου. — Ἡ κυβέρνησις ἀπεφάσισε νὰ ἀντικαταστήσῃ τὸν πρέσβυν τῆς Γαλλίας ἐν Βιέννῃ διὰ κατάλληλον προσώπου.

ΑΠΕΛΑΣΙΣ ΙΤΑΛΟΥ ΑΚΟΛΟΥΘΟΥ

ΒΙΕΝΝΗ, 31 Ἰανουαρίου. — Ὁ Ἰταλὸς ἀκόλουθος τῆς ἐν Θεσσαλονίκῃ πρεσβείας ἀπελάθη, ὡς ἐμπλακεὶς εἰς ὑπόθεσιν κατασκοπείας.

ΔΥΣΕΙΣ ΤΩΝ ΔΥΝΑΜΕΩΝ ΤΗΣ ΕΝ ΜΑΚΕΔΟΝΙΑ ΧΩΡΟΦΥΛΑΚΗΣ

ΚΩΝ/ΠΟΛΙΣ, 31 Ἰανουαρίου. — Ἡ Πύλη ἀπεφάσισε νὰ δημιουργήσῃ 400 νέας θέσεις χωροφυλάκων ἐν Μακεδονίᾳ καὶ νὰ διορίσῃ ἀξιωματικοὺς ἐξ ἄλλων περιοχῶν. Ὁ ὑπουργὸς ἔλαβε προτάσεις ἐκ μέρους τῶν Δυνάμεων.

ΣΥΓΚΡΟΥΣΙΣ ΚΟΥΡΔΩΝ ΚΑΙ ΡΩΣΣΩΝ

ΛΟΝΔΙΝΟΝ, 31 Ἰανουαρίου. — Ἀγγέλλεται ἐκ Τεχεράνης ὅτι νέα ἐνοπλος σύγκρουσις ἐξερράγη μεταξὺ Ρώσσων καὶ Κούρδων ἐν τῇ Τουρκοπερσικῇ ζώνῃ.

ΔΗΜΟΤΙΚΟΝ ΣΥΜΒΟΥΛΙΟΝ
Ο ΔΗΜΟΤΙΚΟΣ ΦΟΡΟΣ
ΤΟ ΖΗΤΗΜΑ ΤΗΣ ΥΔΡΕΥΣΕΩΣ
Η ΕΚΘΕΣΙΣ ΤΟΥ ΕΡΤΣΜΕΡΓ

Κατὰ τὴν χθεσινὴν συνεδρίασιν τοῦ Δημοτικοῦ Συμβουλίου, ἀνακοινωθεὶς ἡ ἀπόφασις τοῦ ὑπουργοῦ τῶν Ἐσωτερικῶν ἐγκρίνοντος τὴν ἐπιβολὴν τοῦ δημοτικοῦ φόρου, διὰ τῆς ὁποίας ἐπιδιώκεται ἡ ἐνίσχυσις τῶν δημοτικῶν οἰκονομικῶν. Ὁ δήμαρχος εἶπεν ὅτι θὰ ἐφαρμοσθῇ ἀπὸ τοῦ 1912 ἐν συνεννοήσει μετὰ τοῦ ὑπουργείου. Κατόπιν ἀνεκοινώθη ἡ ἔκθεσις τοῦ εἰδικοῦ μηχανικοῦ κ. Ἔρτσμεργ περὶ τῆς ὑδρεύσεως τῆς πόλεως. Ὁ κ. Ἔρτσμεργ ἐξέτασε τὰς πηγὰς καὶ τὰ ὕδατα τῶν περιχώρων καὶ προτείνει τὴν μεταφορὰν ὕδατος ἐκ τῶν πηγῶν τῶν Χαρίτων. Κατὰ τὴν ἔκθεσιν ἡ ποσότης τοῦ ὕδατος θὰ ἐπαρκέσῃ διὰ τὰς ἀνάγκας τῆς πόλεως ἐπὶ πολλὰ ἔτη. Ὁ κ. Ἔρτσμεργ ὑπολογίζει τὴν δαπάνην εἰς δρ. 8,000,000 περίπου. Τὸ ζήτημα θὰ συζητηθῇ εἰς τὴν προσεχῆ συνεδρίασιν.

Προκαλοῦσι περὶ τὸ σχέδιον τῆς Ἐθνικῆς Τραπέζης, λέγει ὅτι ἡ πηγὴ τῶν Κιονίων (Ζωγράφου) ὑπολείπεται κατὰ πολὺ τῆς πηγῆς τῶν Χαρίτων (τοῦ Μέλανος ποταμοῦ) ὡς πρὸς τὴν ποσότητα τοῦ ὕδατος. Ἡ πηγὴ τῶν Χαρίτων ἀπέχει ἐκ τῆς πόλεως περὶ τὰ 60 χιλιόμετρα καὶ ἡ μεταφορὰ τοῦ ὕδατος θὰ ἀπαιτήσῃ μεγάλα ἔργα. Πρὸς τοῦτο προτείνει νὰ κατασκευασθῇ ἀγωγὸς ἐκ χάλυβος, διότι εἶναι ὁ ἀνθεκτικώτερος. Τὸ ὕδωρ θὰ ἀποθηκεύεται εἰς δεξαμενὰς ἐν ταῖς παρυφαῖς τῆς πόλεως.

ΤΟ ΣΥΜΠΕΡΑΣΜΑ

Ἐν συμπεράσματι καταλήγει ὁ κ. Ἔρτσμεργ προτείνων ὅπως ἡ πόλις τῶν Ἀθηνῶν ὑδρευθῇ ἐκ τῆς πηγῆς τῶν Χαρίτων. Ἡ πηγὴ αὐτὴ παρέχει ἄφθονον καὶ καθαρὸν ὕδωρ ἐπαρκὲς διὰ τὰς ἀνάγκας τῆς αὐξανομένης πρωτευούσης. Ἡ ἔκθεσις θὰ ὑποβληθῇ εἰς τὸ συμβούλιον καὶ θὰ ἀποτελέσῃ ἀντικείμενον εἰδικῆς συζητήσεως. Τὸ Δημοτικὸν Συμβούλιον ἐξέφρασε τὴν εὐχαρίστησιν του διὰ τὴν ἐργασίαν τοῦ μηχανικοῦ καὶ ἀπεφάσισε νὰ ἀναθέσῃ εἰς τὴν Τεχνικὴν Ὑπηρεσίαν τὴν μελέτην τῶν λεπτομερειῶν.
